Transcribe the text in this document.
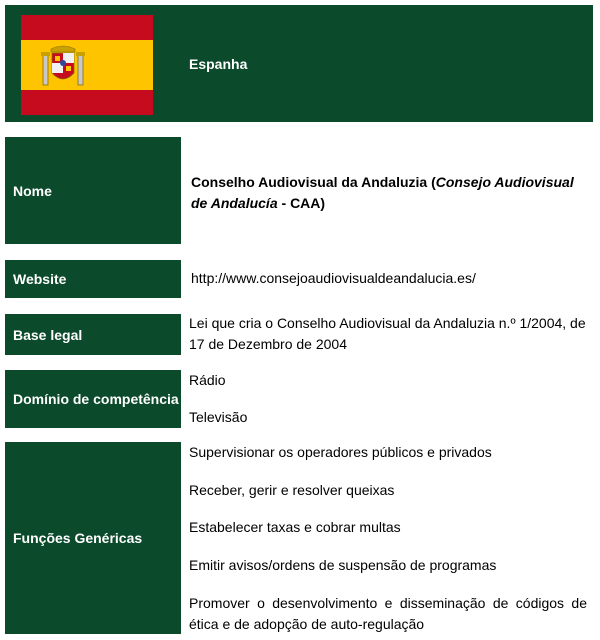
Espanha
Nome
Conselho Audiovisual da Andaluzia (Consejo Audiovisual de Andalucía - CAA)
Website	http://www.consejoaudiovisualdeandalucia.es/
Base legal
Lei que cria o Conselho Audiovisual da Andaluzia n.º 1/2004, de 17 de Dezembro de 2004
Domínio de competência
Rádio
Televisão
Funções Genéricas
Supervisionar os operadores públicos e privados
Receber, gerir e resolver queixas
Estabelecer taxas e cobrar multas
Emitir avisos/ordens de suspensão de programas
Promover o desenvolvimento e disseminação de códigos de ética e de adopção de auto-regulação
